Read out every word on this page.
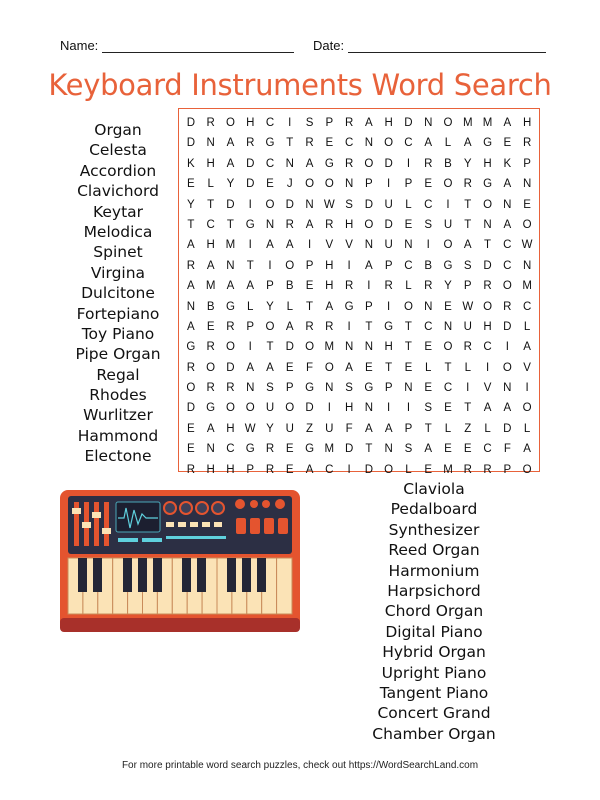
Name:	Date:
Keyboard Instruments Word Search
Organ
Celesta
Accordion
Clavichord
Keytar
Melodica
Spinet
Virgina
Dulcitone
Fortepiano
Toy Piano
Pipe Organ
Regal
Rhodes
Wurlitzer
Hammond
Electone
D R O H C	I	S	P	R	A	H D N O M M A	H
D N	A	R G	T	R	E	C N O C	A	L	A G E	R
K	H	A	D C N	A G R O D	I	R	B	Y	H	K	P
E	L	Y	D	E	J	O O N	P	I	P	E O R G A	N
Y	T	D	I	O D N W S	D U	L	C	I	T	O N	E
T	C	T	G N R	A	R H O D	E	S	U	T	N	A O
A	H M	I	A	A	I	V	V	N U N	I	O A	T	C W
R	A	N	T	I	O P	H	I	A	P	C	B G S	D C N
A M A	A	P	B	E	H R	I	R	L	R	Y	P	R O M
N	B G	L	Y	L	T	A G P	I	O N	E W O R C
A	E	R	P O A	R R	I	T	G	T	C N U H D	L
G R O	I	T	D O M N N H	T	E O R C	I	A
R O D	A	A	E	F	O A	E	T	E	L	T	L	I	O V
O R R N	S	P G N	S G P	N	E	C	I	V	N	I
D G O O U O D	I	H N	I	I	S	E	T	A	A O
E	A	H W Y	U	Z	U	F	A	A	P	T	L	Z	L	D	L
E	N C G R	E G M D	T	N	S	A	E	E	C	F	A
R H H	P	R	E	A	C	I	D O	L	E M R R	P O
Claviola
Pedalboard
Synthesizer
Reed Organ
Harmonium
Harpsichord
Chord Organ
Digital Piano
Hybrid Organ
Upright Piano
Tangent Piano
Concert Grand
Chamber Organ
For more printable word search puzzles, check out https://WordSearchLand.com
